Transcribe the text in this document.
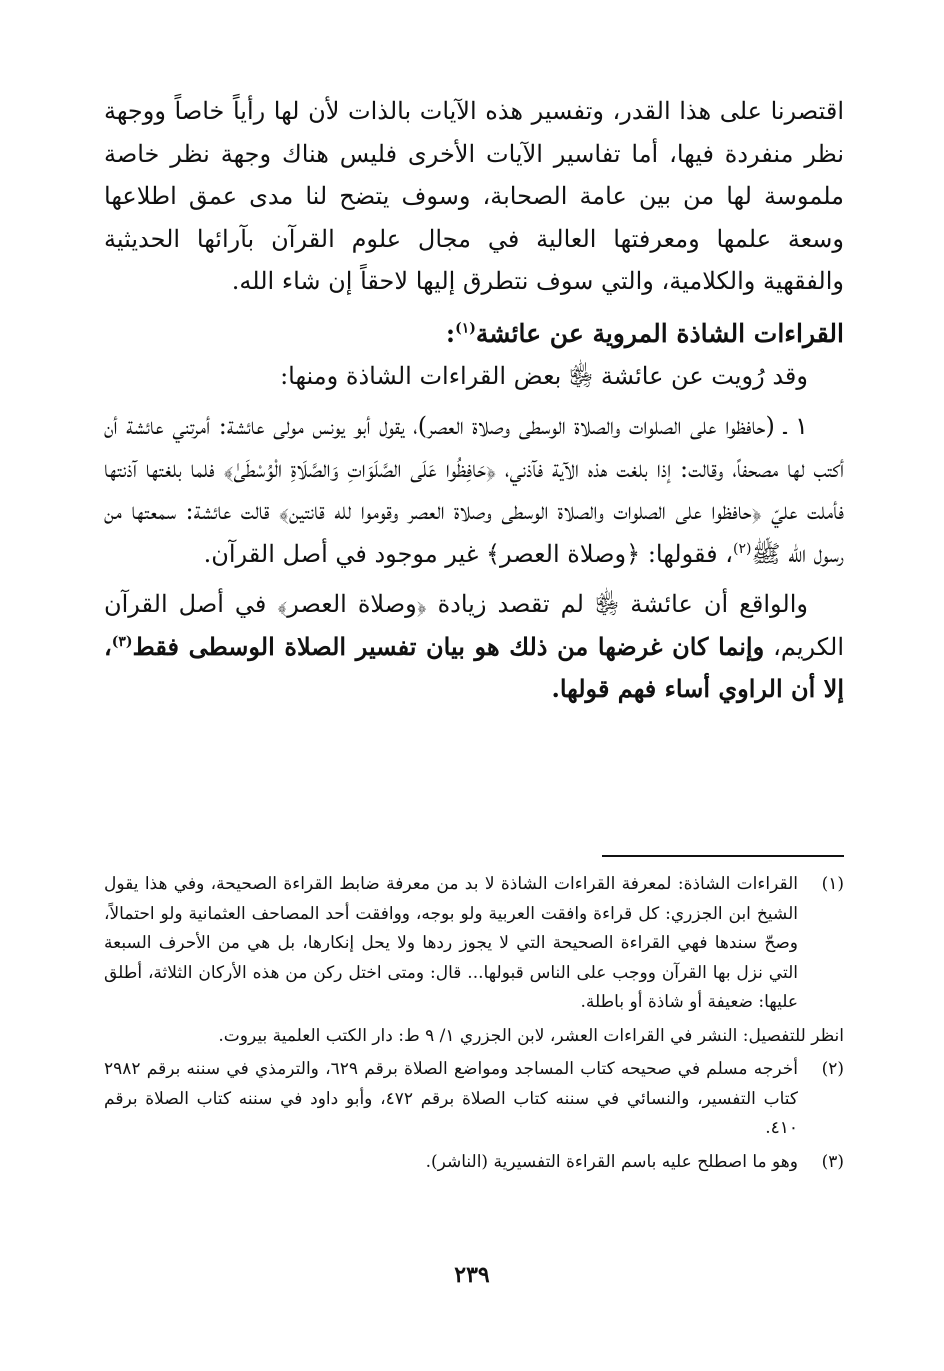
اقتصرنا على هذا القدر، وتفسير هذه الآيات بالذات لأن لها رأياً خاصاً ووجهة نظر منفردة فيها، أما تفاسير الآيات الأخرى فليس هناك وجهة نظر خاصة ملموسة لها من بين عامة الصحابة، وسوف يتضح لنا مدى عمق اطلاعها وسعة علمها ومعرفتها العالية في مجال علوم القرآن بآرائها الحديثية والفقهية والكلامية، والتي سوف نتطرق إليها لاحقاً إن شاء الله.

القراءات الشاذة المروية عن عائشة$^{(١)}$:

وقد رُويت عن عائشة ﵂ بعض القراءات الشاذة ومنها:

١ ـ (حافظوا على الصلوات والصلاة الوسطى وصلاة العصر)، يقول أبو يونس مولى عائشة: أمرتني عائشة أن أكتب لها مصحفاً، وقالت: إذا بلغت هذه الآية فآذني، ﴿حَافِظُوا عَلَى الصَّلَوَاتِ وَالصَّلَاةِ الْوُسْطَىٰ﴾ فلما بلغتها آذنتها فأملت عليّ ﴿حافظوا على الصلوات والصلاة الوسطى وصلاة العصر وقوموا لله قانتين﴾ قالت عائشة: سمعتها من رسول الله ﷺ$^{(٢)}$، فقولها: ﴿وصلاة العصر﴾ غير موجود في أصل القرآن.

والواقع أن عائشة ﵂ لم تقصد زيادة ﴿وصلاة العصر﴾ في أصل القرآن الكريم، وإنما كان غرضها من ذلك هو بيان تفسير الصلاة الوسطى فقط$^{(٣)}$، إلا أن الراوي أساء فهم قولها.

(١)

القراءات الشاذة: لمعرفة القراءات الشاذة لا بد من معرفة ضابط القراءة الصحيحة، وفي هذا يقول الشيخ ابن الجزري: كل قراءة وافقت العربية ولو بوجه، ووافقت أحد المصاحف العثمانية ولو احتمالاً، وصحّ سندها فهي القراءة الصحيحة التي لا يجوز ردها ولا يحل إنكارها، بل هي من الأحرف السبعة التي نزل بها القرآن ووجب على الناس قبولها... قال: ومتى اختل ركن من هذه الأركان الثلاثة، أطلق عليها: ضعيفة أو شاذة أو باطلة.

انظر للتفصيل: النشر في القراءات العشر، لابن الجزري ١/ ٩ ط: دار الكتب العلمية بيروت.

(٢)

أخرجه مسلم في صحيحه كتاب المساجد ومواضع الصلاة برقم ٦٢٩، والترمذي في سننه برقم ٢٩٨٢ كتاب التفسير، والنسائي في سننه كتاب الصلاة برقم ٤٧٢، وأبو داود في سننه كتاب الصلاة برقم ٤١٠.

(٣)

وهو ما اصطلح عليه باسم القراءة التفسيرية (الناشر).

٢٣٩
